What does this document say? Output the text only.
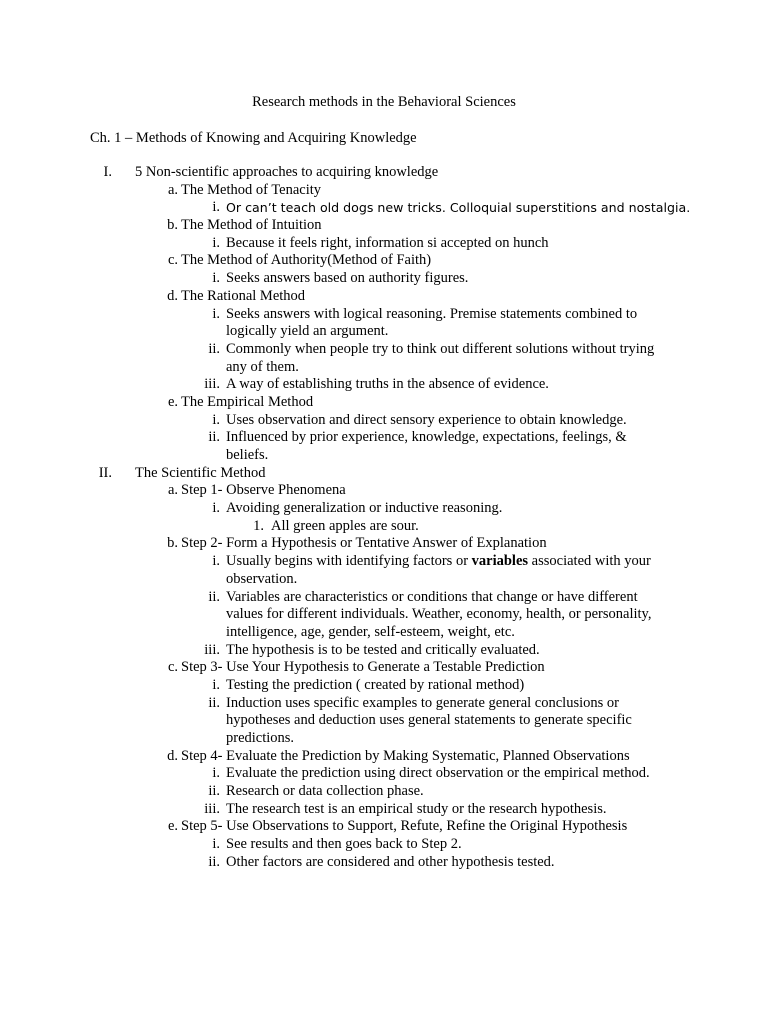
Research methods in the Behavioral Sciences
Ch. 1 – Methods of Knowing and Acquiring Knowledge
I. 5 Non-scientific approaches to acquiring knowledge
a. The Method of Tenacity
i. Or can’t teach old dogs new tricks. Colloquial superstitions and nostalgia.
b. The Method of Intuition
i. Because it feels right, information si accepted on hunch
c. The Method of Authority(Method of Faith)
i. Seeks answers based on authority figures.
d. The Rational Method
i. Seeks answers with logical reasoning. Premise statements combined to
logically yield an argument.
ii. Commonly when people try to think out different solutions without trying
any of them.
iii. A way of establishing truths in the absence of evidence.
e. The Empirical Method
i. Uses observation and direct sensory experience to obtain knowledge.
ii. Influenced by prior experience, knowledge, expectations, feelings, &
beliefs.
II. The Scientific Method
a. Step 1- Observe Phenomena
i. Avoiding generalization or inductive reasoning.
1. All green apples are sour.
b. Step 2- Form a Hypothesis or Tentative Answer of Explanation
i. Usually begins with identifying factors or variables associated with your
observation.
ii. Variables are characteristics or conditions that change or have different
values for different individuals. Weather, economy, health, or personality,
intelligence, age, gender, self-esteem, weight, etc.
iii. The hypothesis is to be tested and critically evaluated.
c. Step 3- Use Your Hypothesis to Generate a Testable Prediction
i. Testing the prediction ( created by rational method)
ii. Induction uses specific examples to generate general conclusions or
hypotheses and deduction uses general statements to generate specific
predictions.
d. Step 4- Evaluate the Prediction by Making Systematic, Planned Observations
i. Evaluate the prediction using direct observation or the empirical method.
ii. Research or data collection phase.
iii. The research test is an empirical study or the research hypothesis.
e. Step 5- Use Observations to Support, Refute, Refine the Original Hypothesis
i. See results and then goes back to Step 2.
ii. Other factors are considered and other hypothesis tested.
